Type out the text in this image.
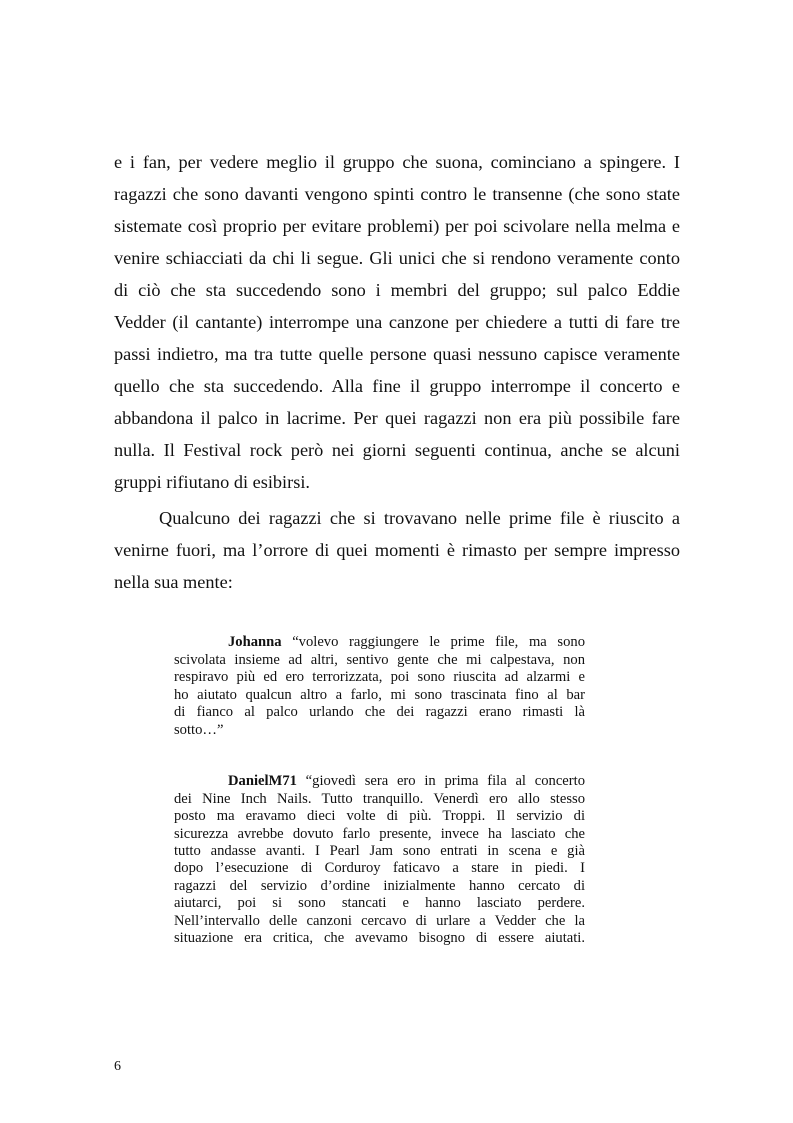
e i fan, per vedere meglio il gruppo che suona, cominciano a spingere. I
ragazzi che sono davanti vengono spinti contro le transenne (che sono state
sistemate così proprio per evitare problemi) per poi scivolare nella melma e
venire schiacciati da chi li segue. Gli unici che si rendono veramente conto
di ciò che sta succedendo sono i membri del gruppo; sul palco Eddie
Vedder (il cantante) interrompe una canzone per chiedere a tutti di fare tre
passi indietro, ma tra tutte quelle persone quasi nessuno capisce veramente
quello che sta succedendo. Alla fine il gruppo interrompe il concerto e
abbandona il palco in lacrime. Per quei ragazzi non era più possibile fare
nulla. Il Festival rock però nei giorni seguenti continua, anche se alcuni
gruppi rifiutano di esibirsi.
Qualcuno dei ragazzi che si trovavano nelle prime file è riuscito a
venirne fuori, ma l’orrore di quei momenti è rimasto per sempre impresso
nella sua mente:
Johanna “volevo raggiungere le prime file, ma sono
scivolata insieme ad altri, sentivo gente che mi calpestava, non
respiravo più ed ero terrorizzata, poi sono riuscita ad alzarmi e
ho aiutato qualcun altro a farlo, mi sono trascinata fino al bar
di fianco al palco urlando che dei ragazzi erano rimasti là
sotto…”
DanielM71 “giovedì sera ero in prima fila al concerto
dei Nine Inch Nails. Tutto tranquillo. Venerdì ero allo stesso
posto ma eravamo dieci volte di più. Troppi. Il servizio di
sicurezza avrebbe dovuto farlo presente, invece ha lasciato che
tutto andasse avanti. I Pearl Jam sono entrati in scena e già
dopo l’esecuzione di Corduroy faticavo a stare in piedi. I
ragazzi del servizio d’ordine inizialmente hanno cercato di
aiutarci, poi si sono stancati e hanno lasciato perdere.
Nell’intervallo delle canzoni cercavo di urlare a Vedder che la
situazione era critica, che avevamo bisogno di essere aiutati.
6
